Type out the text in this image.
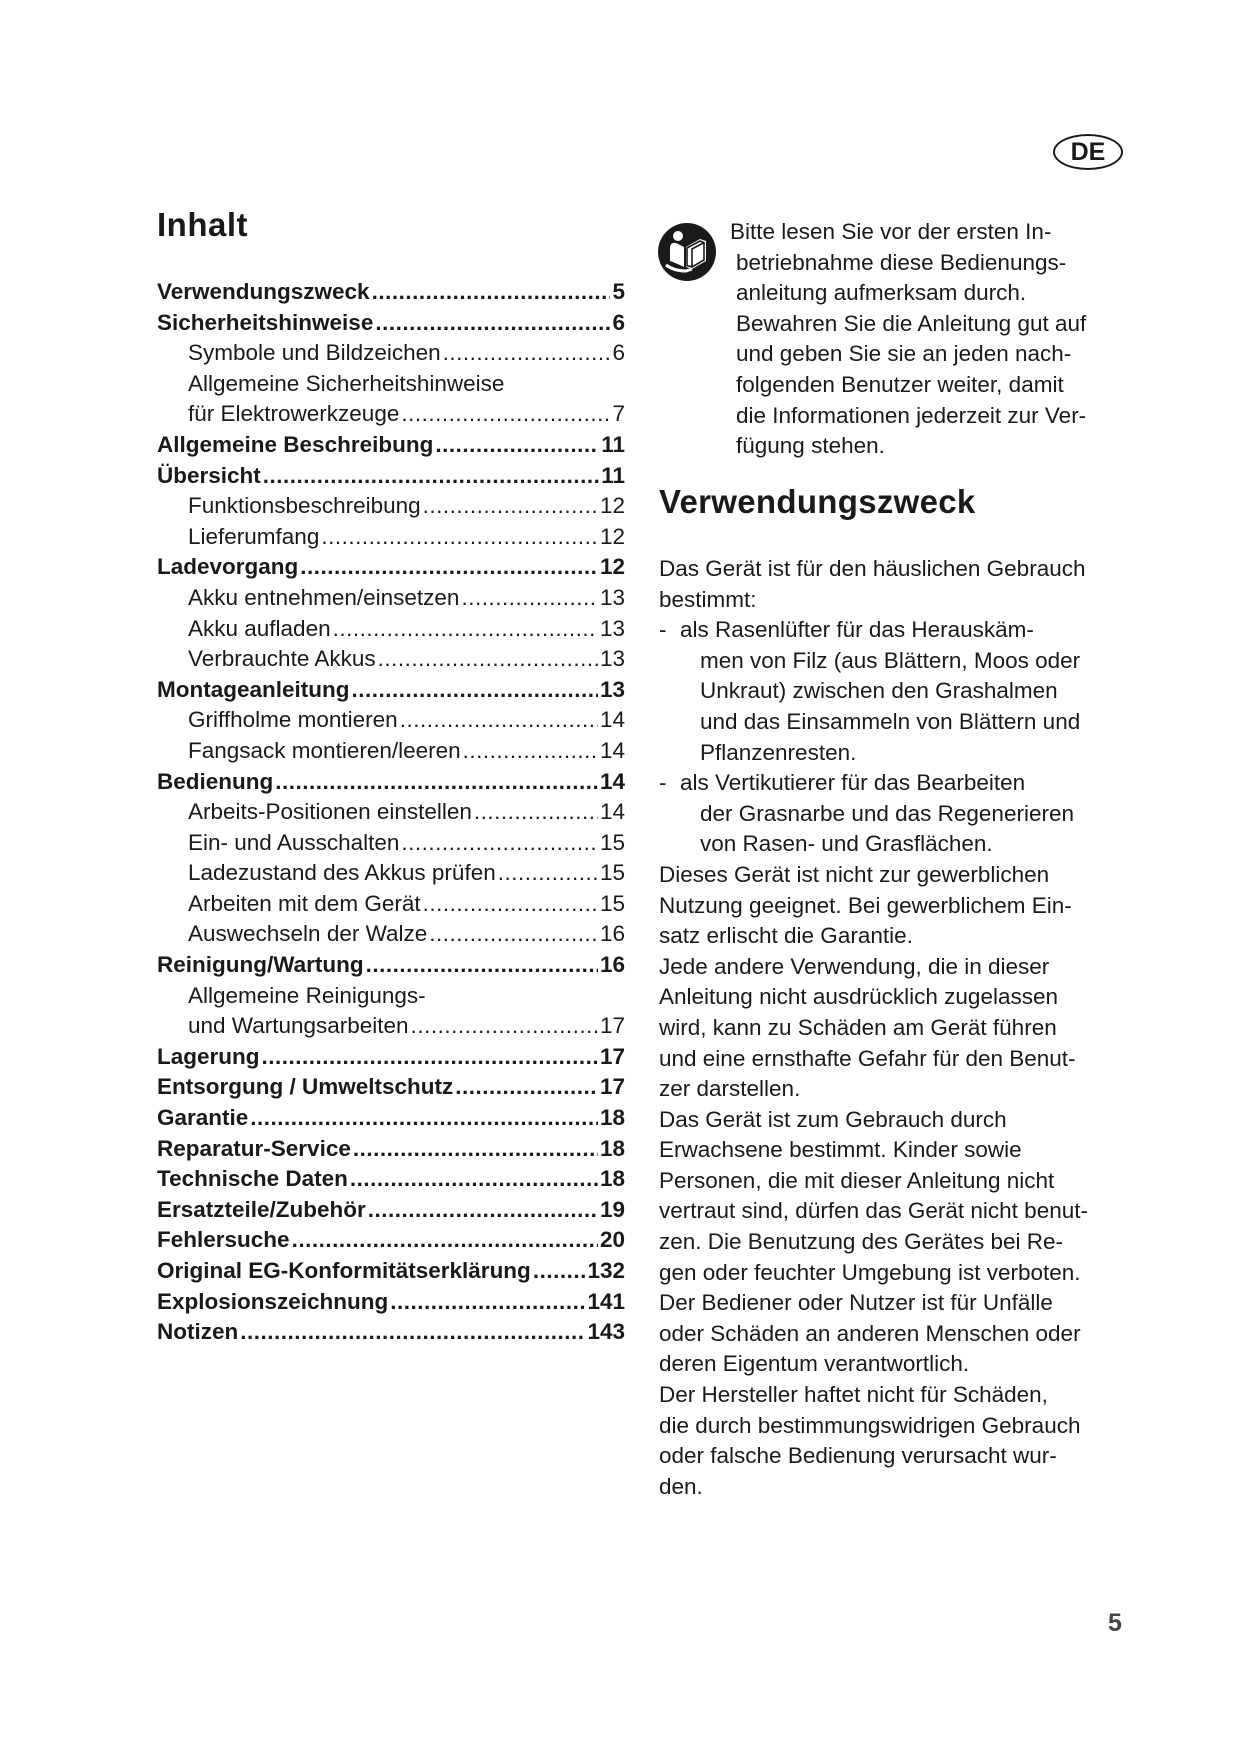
DE
Inhalt
Verwendungszweck .....	5
Sicherheitshinweise .....	6
Symbole und Bildzeichen .....	6
Allgemeine Sicherheitshinweise
für Elektrowerkzeuge .....	7
Allgemeine Beschreibung .....	11
Übersicht .....	11
Funktionsbeschreibung .....	12
Lieferumfang .....	12
Ladevorgang .....	12
Akku entnehmen/einsetzen .....	13
Akku aufladen .....	13
Verbrauchte Akkus .....	13
Montageanleitung .....	13
Griffholme montieren .....	14
Fangsack montieren/leeren .....	14
Bedienung .....	14
Arbeits-Positionen einstellen .....	14
Ein- und Ausschalten .....	15
Ladezustand des Akkus prüfen .....	15
Arbeiten mit dem Gerät .....	15
Auswechseln der Walze .....	16
Reinigung/Wartung .....	16
Allgemeine Reinigungs-
und Wartungsarbeiten .....	17
Lagerung .....	17
Entsorgung / Umweltschutz .....	17
Garantie .....	18
Reparatur-Service .....	18
Technische Daten .....	18
Ersatzteile/Zubehör .....	19
Fehlersuche .....	20
Original EG-Konformitätserklärung .....	132
Explosionszeichnung .....	141
Notizen .....	143
Bitte lesen Sie vor der ersten In-
betriebnahme diese Bedienungs-
anleitung aufmerksam durch.
Bewahren Sie die Anleitung gut auf
und geben Sie sie an jeden nach-
folgenden Benutzer weiter, damit
die Informationen jederzeit zur Ver-
fügung stehen.
Verwendungszweck
Das Gerät ist für den häuslichen Gebrauch
bestimmt:
- als Rasenlüfter für das Herauskäm-
men von Filz (aus Blättern, Moos oder
Unkraut) zwischen den Grashalmen
und das Einsammeln von Blättern und
Pflanzenresten.
- als Vertikutierer für das Bearbeiten
der Grasnarbe und das Regenerieren
von Rasen- und Grasflächen.
Dieses Gerät ist nicht zur gewerblichen
Nutzung geeignet. Bei gewerblichem Ein-
satz erlischt die Garantie.
Jede andere Verwendung, die in dieser
Anleitung nicht ausdrücklich zugelassen
wird, kann zu Schäden am Gerät führen
und eine ernsthafte Gefahr für den Benut-
zer darstellen.
Das Gerät ist zum Gebrauch durch
Erwachsene bestimmt. Kinder sowie
Personen, die mit dieser Anleitung nicht
vertraut sind, dürfen das Gerät nicht benut-
zen. Die Benutzung des Gerätes bei Re-
gen oder feuchter Umgebung ist verboten.
Der Bediener oder Nutzer ist für Unfälle
oder Schäden an anderen Menschen oder
deren Eigentum verantwortlich.
Der Hersteller haftet nicht für Schäden,
die durch bestimmungswidrigen Gebrauch
oder falsche Bedienung verursacht wur-
den.
5
